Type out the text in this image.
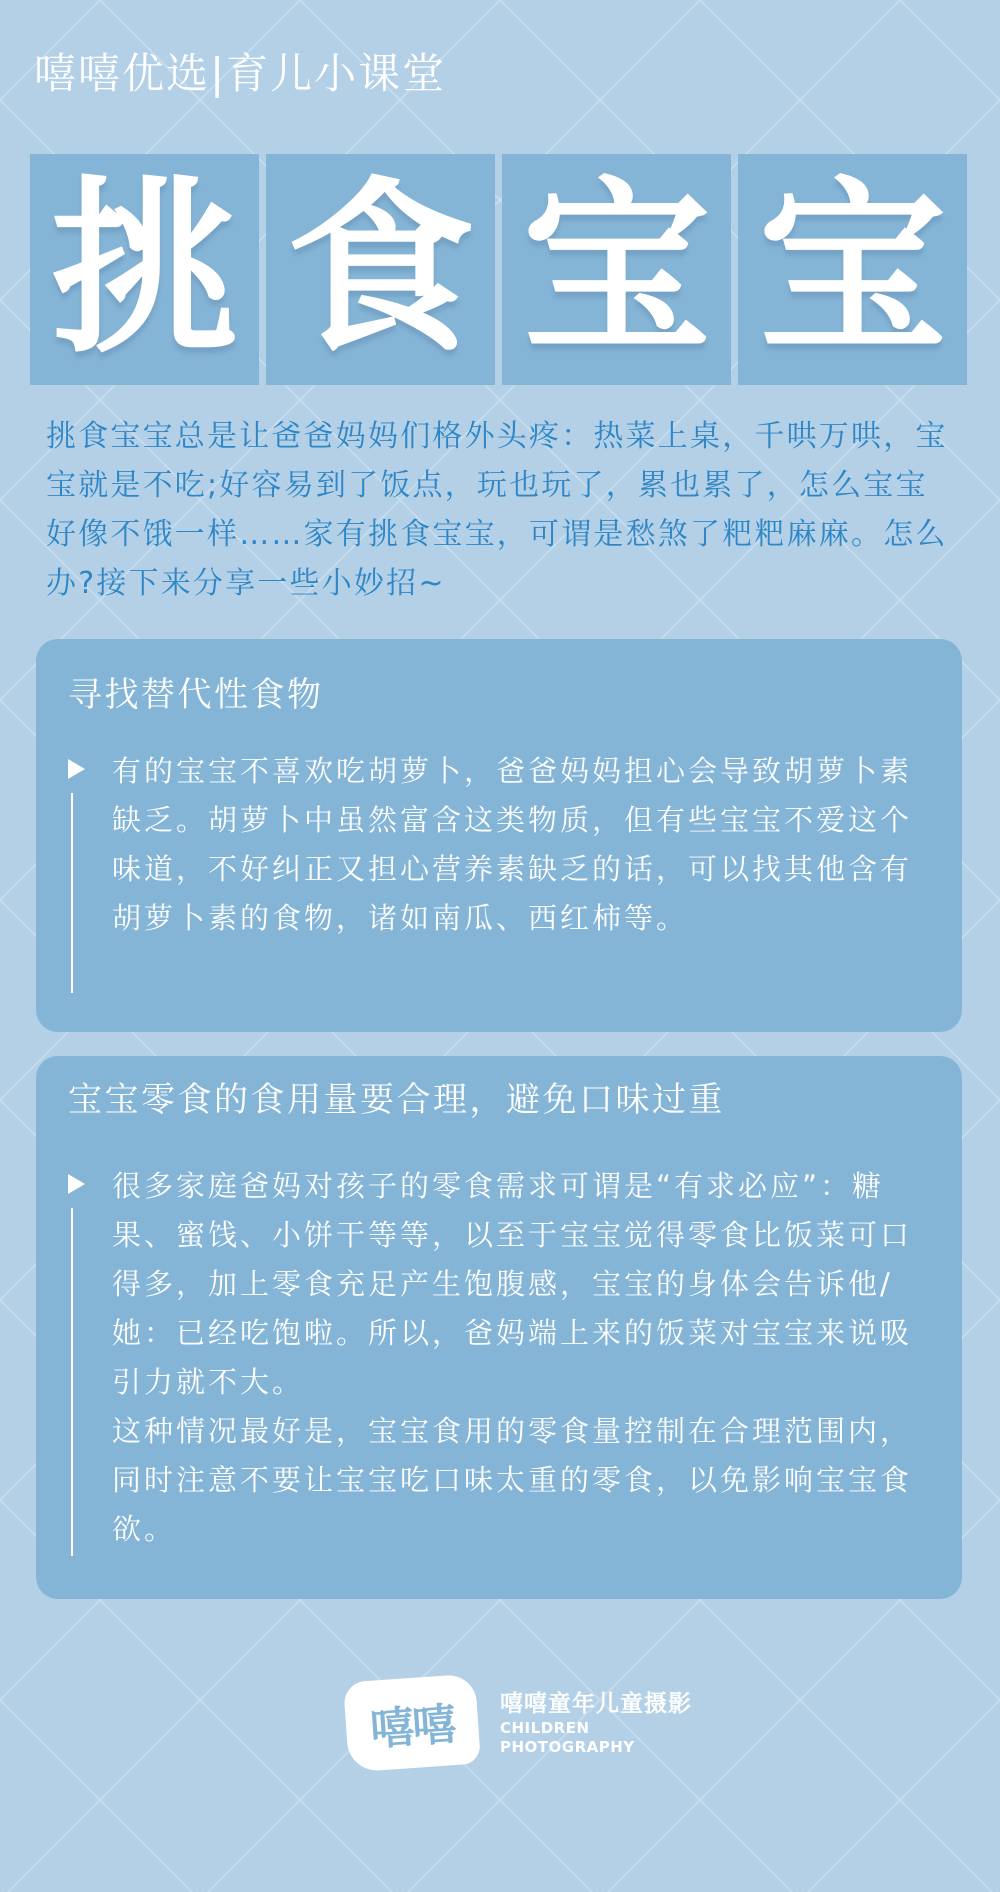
嘻嘻优选|育儿小课堂
挑 食 宝 宝

挑食宝宝总是让爸爸妈妈们格外头疼：热菜上桌，千哄万哄，宝宝就是不吃;好容易到了饭点，玩也玩了，累也累了，怎么宝宝好像不饿一样……家有挑食宝宝，可谓是愁煞了粑粑麻麻。怎么办?接下来分享一些小妙招~

寻找替代性食物

有的宝宝不喜欢吃胡萝卜，爸爸妈妈担心会导致胡萝卜素缺乏。胡萝卜中虽然富含这类物质，但有些宝宝不爱这个味道，不好纠正又担心营养素缺乏的话，可以找其他含有胡萝卜素的食物，诸如南瓜、西红柿等。

宝宝零食的食用量要合理，避免口味过重

很多家庭爸妈对孩子的零食需求可谓是“有求必应”：糖果、蜜饯、小饼干等等，以至于宝宝觉得零食比饭菜可口得多，加上零食充足产生饱腹感，宝宝的身体会告诉他/她：已经吃饱啦。所以，爸妈端上来的饭菜对宝宝来说吸引力就不大。

这种情况最好是，宝宝食用的零食量控制在合理范围内，同时注意不要让宝宝吃口味太重的零食，以免影响宝宝食欲。

嘻嘻	嘻嘻童年儿童摄影
CHILDREN
PHOTOGRAPHY
